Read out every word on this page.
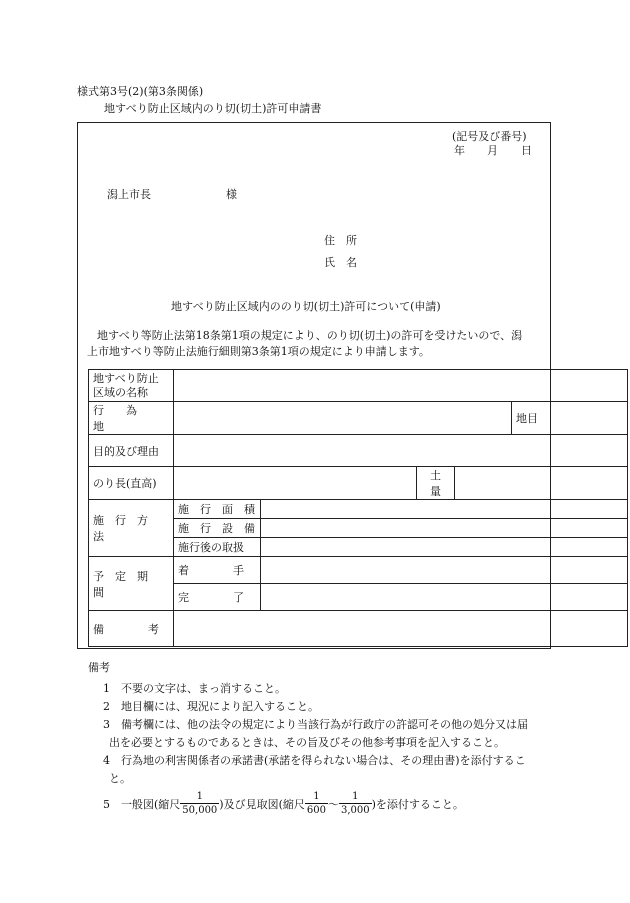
様式第3号(2)(第3条関係)
地すべり防止区域内のり切(切土)許可申請書
(記号及び番号)
年 月 日
潟上市長	様
住　所
氏　名
地すべり防止区域内ののり切(切土)許可について(申請)
地すべり等防止法第18条第1項の規定により、のり切(切土)の許可を受けたいので、潟
上市地すべり等防止法施行細則第3条第1項の規定により申請します。
地すべり防止
区域の名称					

行　　為　　地					地目
目的及び理由					
のり長(直高)			土　量		
施　行　方　法	施　行　面　積				
	施　行　設　備				
	施行後の取扱				
予　定　期　間	着　　　　手				
	完　　　　了				
備　　　　考					
備考
1　不要の文字は、まっ消すること。
2　地目欄には、現況により記入すること。
3　備考欄には、他の法令の規定により当該行為が行政庁の許認可その他の処分又は届
出を必要とするものであるときは、その旨及びその他参考事項を記入すること。
4　行為地の利害関係者の承諾書(承諾を得られない場合は、その理由書)を添付するこ
と。
5　一般図(縮尺 $\frac{1}{50,000}$ )及び見取図(縮尺 $\frac{1}{600}$ ～ $\frac{1}{3,000}$ )を添付すること。
